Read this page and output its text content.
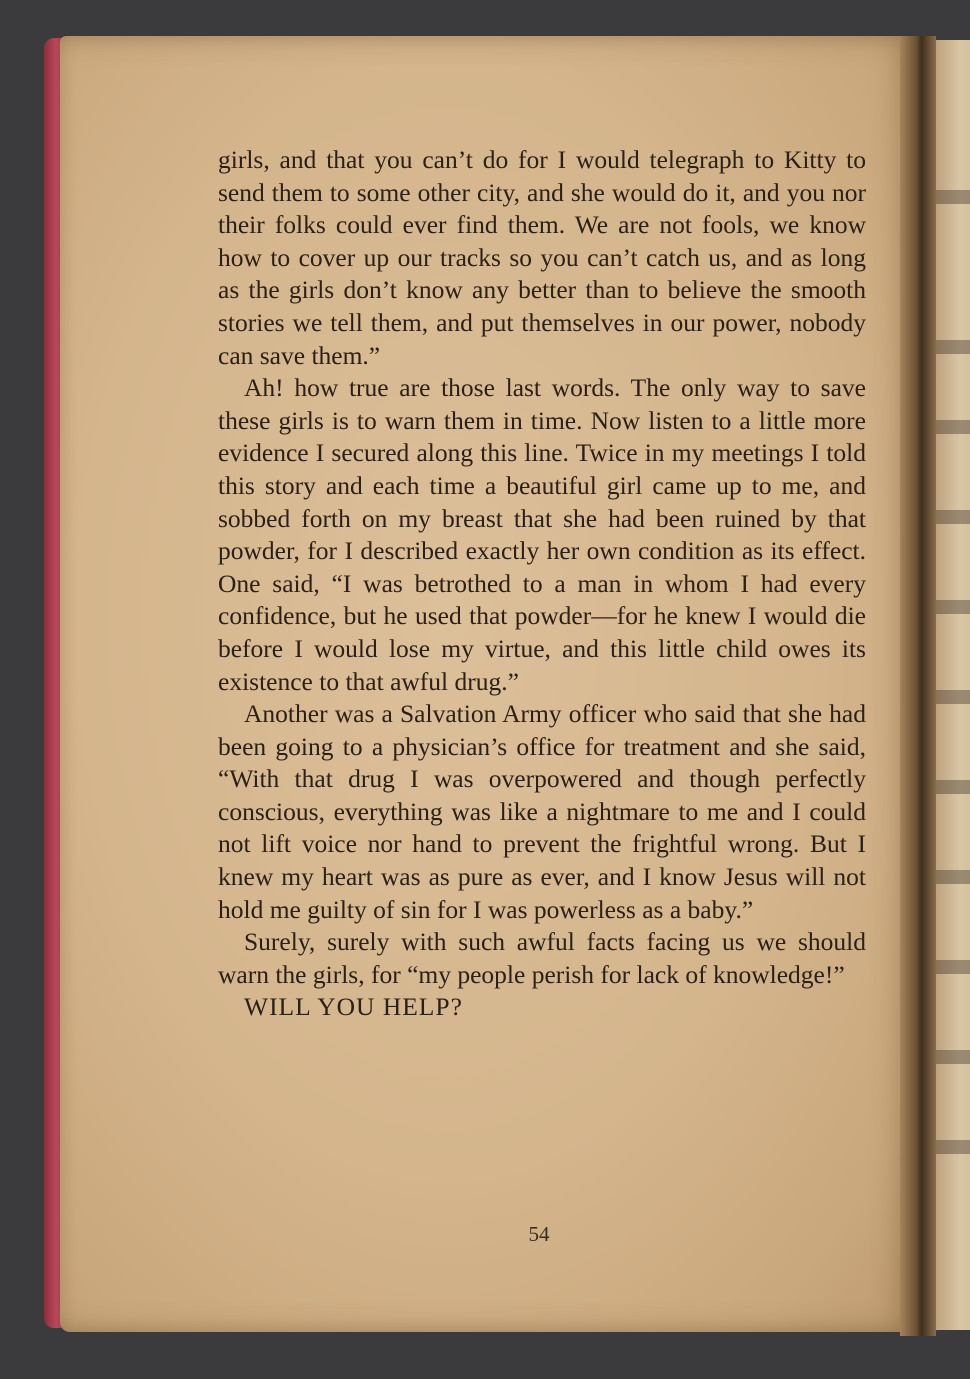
girls, and that you can’t do for I would telegraph to Kitty to send them to some other city, and she would do it, and you nor their folks could ever find them. We are not fools, we know how to cover up our tracks so you can’t catch us, and as long as the girls don’t know any better than to believe the smooth stories we tell them, and put themselves in our power, nobody can save them.”

Ah! how true are those last words. The only way to save these girls is to warn them in time. Now listen to a little more evidence I secured along this line. Twice in my meetings I told this story and each time a beautiful girl came up to me, and sobbed forth on my breast that she had been ruined by that powder, for I described exactly her own condition as its effect. One said, “I was betrothed to a man in whom I had every confidence, but he used that powder—for he knew I would die before I would lose my virtue, and this little child owes its existence to that awful drug.”

Another was a Salvation Army officer who said that she had been going to a physician’s office for treatment and she said, “With that drug I was overpowered and though perfectly conscious, everything was like a nightmare to me and I could not lift voice nor hand to prevent the frightful wrong. But I knew my heart was as pure as ever, and I know Jesus will not hold me guilty of sin for I was powerless as a baby.”

Surely, surely with such awful facts facing us we should warn the girls, for “my people perish for lack of knowledge!”

WILL YOU HELP?

54
